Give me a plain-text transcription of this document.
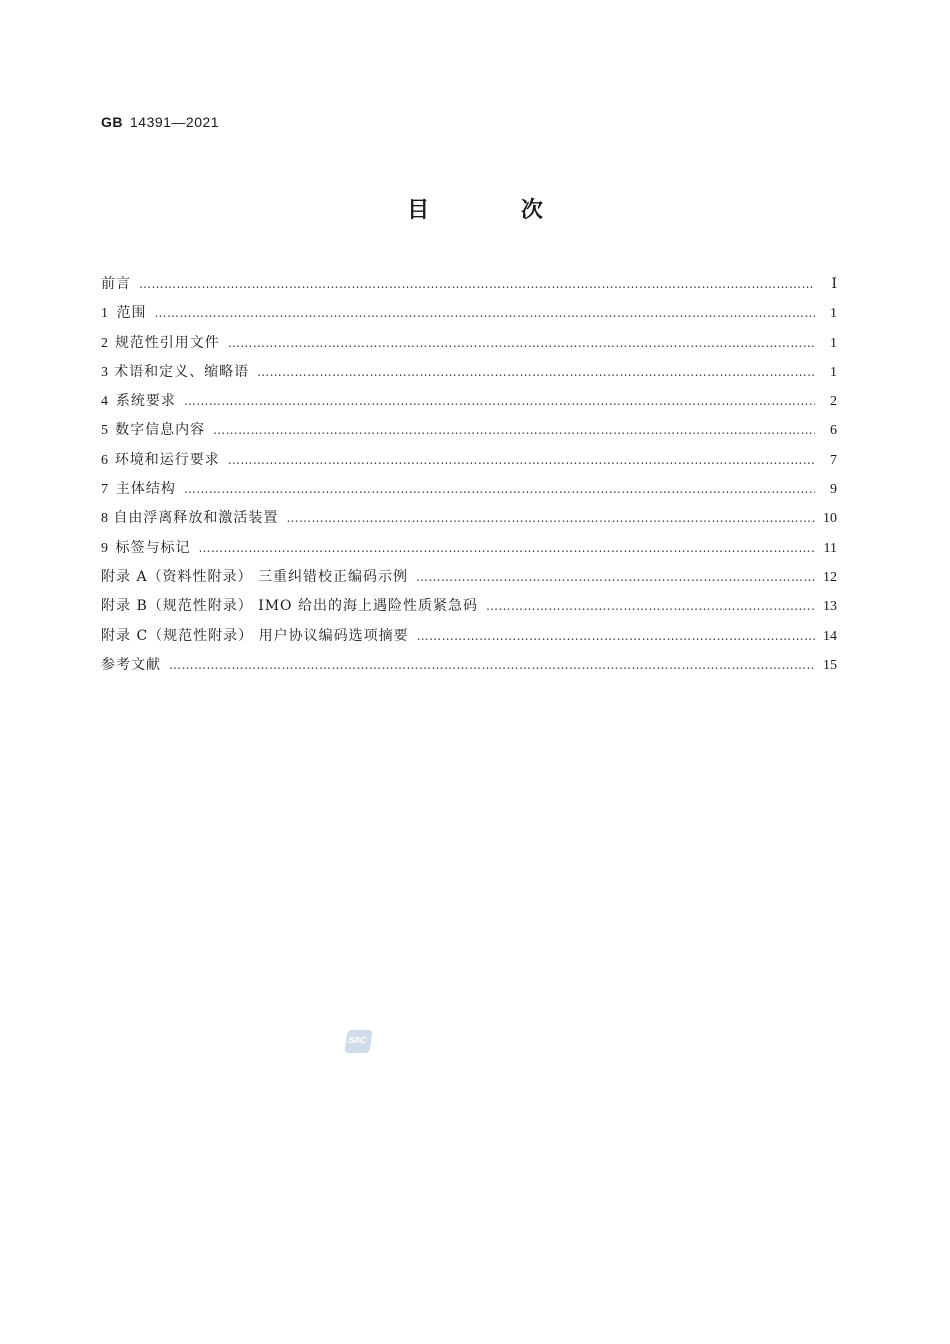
GB 14391—2021
目 次
前言 …………………………………………………………………………………………………………………………………………………………………………………………………………………………………	Ⅰ
1 范围 …………………………………………………………………………………………………………………………………………………………………………………………………………………………………	1
2 规范性引用文件 …………………………………………………………………………………………………………………………………………………………………………………………………………………………………	1
3 术语和定义、缩略语 …………………………………………………………………………………………………………………………………………………………………………………………………………………………………	1
4 系统要求 …………………………………………………………………………………………………………………………………………………………………………………………………………………………………	2
5 数字信息内容 …………………………………………………………………………………………………………………………………………………………………………………………………………………………………	6
6 环境和运行要求 …………………………………………………………………………………………………………………………………………………………………………………………………………………………………	7
7 主体结构 …………………………………………………………………………………………………………………………………………………………………………………………………………………………………	9
8 自由浮离释放和激活装置 …………………………………………………………………………………………………………………………………………………………………………………………………………………………………	10
9 标签与标记 …………………………………………………………………………………………………………………………………………………………………………………………………………………………………	11
附录 A（资料性附录） 三重纠错校正编码示例 …………………………………………………………………………………………………………………………………………………………………………………………………………………………………	12
附录 B（规范性附录） IMO 给出的海上遇险性质紧急码 …………………………………………………………………………………………………………………………………………………………………………………………………………………………………	13
附录 C（规范性附录） 用户协议编码选项摘要 …………………………………………………………………………………………………………………………………………………………………………………………………………………………………	14
参考文献 …………………………………………………………………………………………………………………………………………………………………………………………………………………………………	15
SAC
